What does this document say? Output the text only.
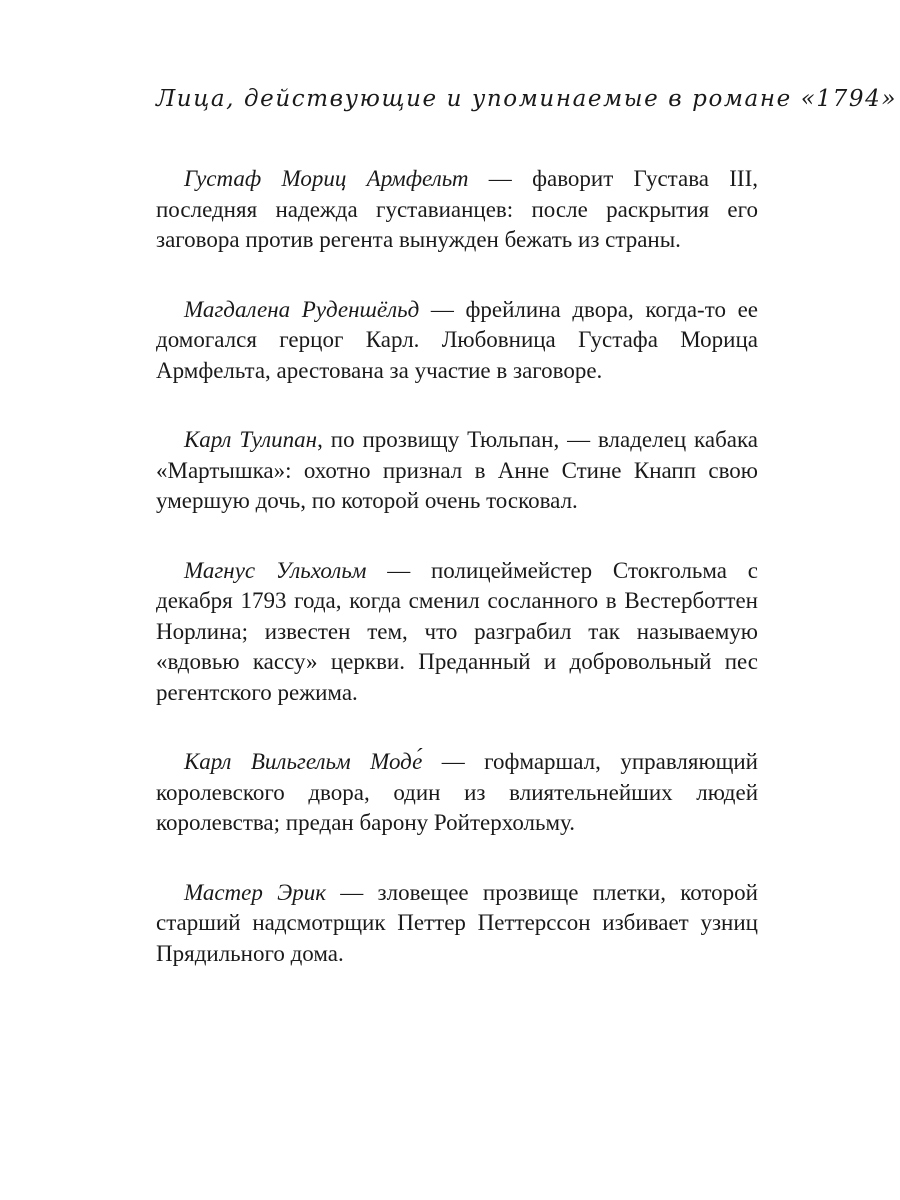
Лица, действующие и упоминаемые в романе «1794»

Густаф Мориц Армфельт — фаворит Густава III, последняя надежда густавианцев: после раскрытия его заговора против регента вынужден бежать из страны.

Магдалена Руденшёльд — фрейлина двора, когда-то ее домогался герцог Карл. Любовница Густафа Морица Армфельта, арестована за участие в заговоре.

Карл Тулипан, по прозвищу Тюльпан, — владелец кабака «Мартышка»: охотно признал в Анне Стине Кнапп свою умершую дочь, по которой очень тосковал.

Магнус Ульхольм — полицеймейстер Стокгольма с декабря 1793 года, когда сменил сосланного в Вестерботтен Норлина; известен тем, что разграбил так называемую «вдовью кассу» церкви. Преданный и добровольный пес регентского режима.

Карл Вильгельм Моде́ — гофмаршал, управляющий королевского двора, один из влиятельнейших людей королевства; предан барону Ройтерхольму.

Мастер Эрик — зловещее прозвище плетки, которой старший надсмотрщик Петтер Петтерссон избивает узниц Прядильного дома.
